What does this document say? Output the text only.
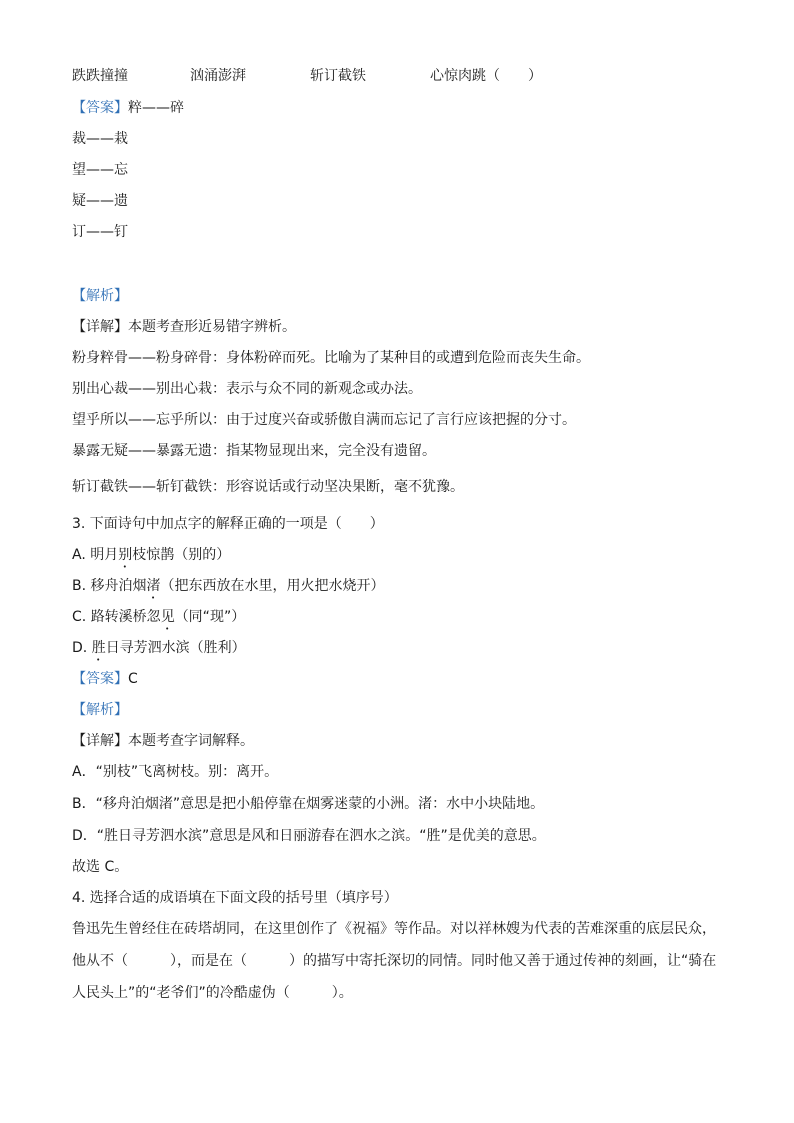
跌跌撞撞	汹涌澎湃	斩订截铁	心惊肉跳（　　）
【答案】粹——碎
裁——栽
望——忘
疑——遗
订——钉
【解析】
【详解】本题考查形近易错字辨析。
粉身粹骨——粉身碎骨：身体粉碎而死。比喻为了某种目的或遭到危险而丧失生命。
别出心裁——别出心栽：表示与众不同的新观念或办法。
望乎所以——忘乎所以：由于过度兴奋或骄傲自满而忘记了言行应该把握的分寸。
暴露无疑——暴露无遗：指某物显现出来，完全没有遗留。
斩订截铁——斩钉截铁：形容说话或行动坚决果断，毫不犹豫。
3. 下面诗句中加点字的解释正确的一项是（　　）
A. 明月别枝惊鹊（别的）
B. 移舟泊烟渚（把东西放在水里，用火把水烧开）
C. 路转溪桥忽见（同“现”）
D. 胜日寻芳泗水滨（胜利）
【答案】C
【解析】
【详解】本题考查字词解释。
A．“别枝”飞离树枝。别：离开。
B．“移舟泊烟渚”意思是把小船停靠在烟雾迷蒙的小洲。渚：水中小块陆地。
D．“胜日寻芳泗水滨”意思是风和日丽游春在泗水之滨。“胜”是优美的意思。
故选 C。
4. 选择合适的成语填在下面文段的括号里（填序号）
鲁迅先生曾经住在砖塔胡同，在这里创作了《祝福》等作品。对以祥林嫂为代表的苦难深重的底层民众，
他从不（　　　），而是在（　　　）的描写中寄托深切的同情。同时他又善于通过传神的刻画，让“骑在
人民头上”的“老爷们”的冷酷虚伪（　　　）。
